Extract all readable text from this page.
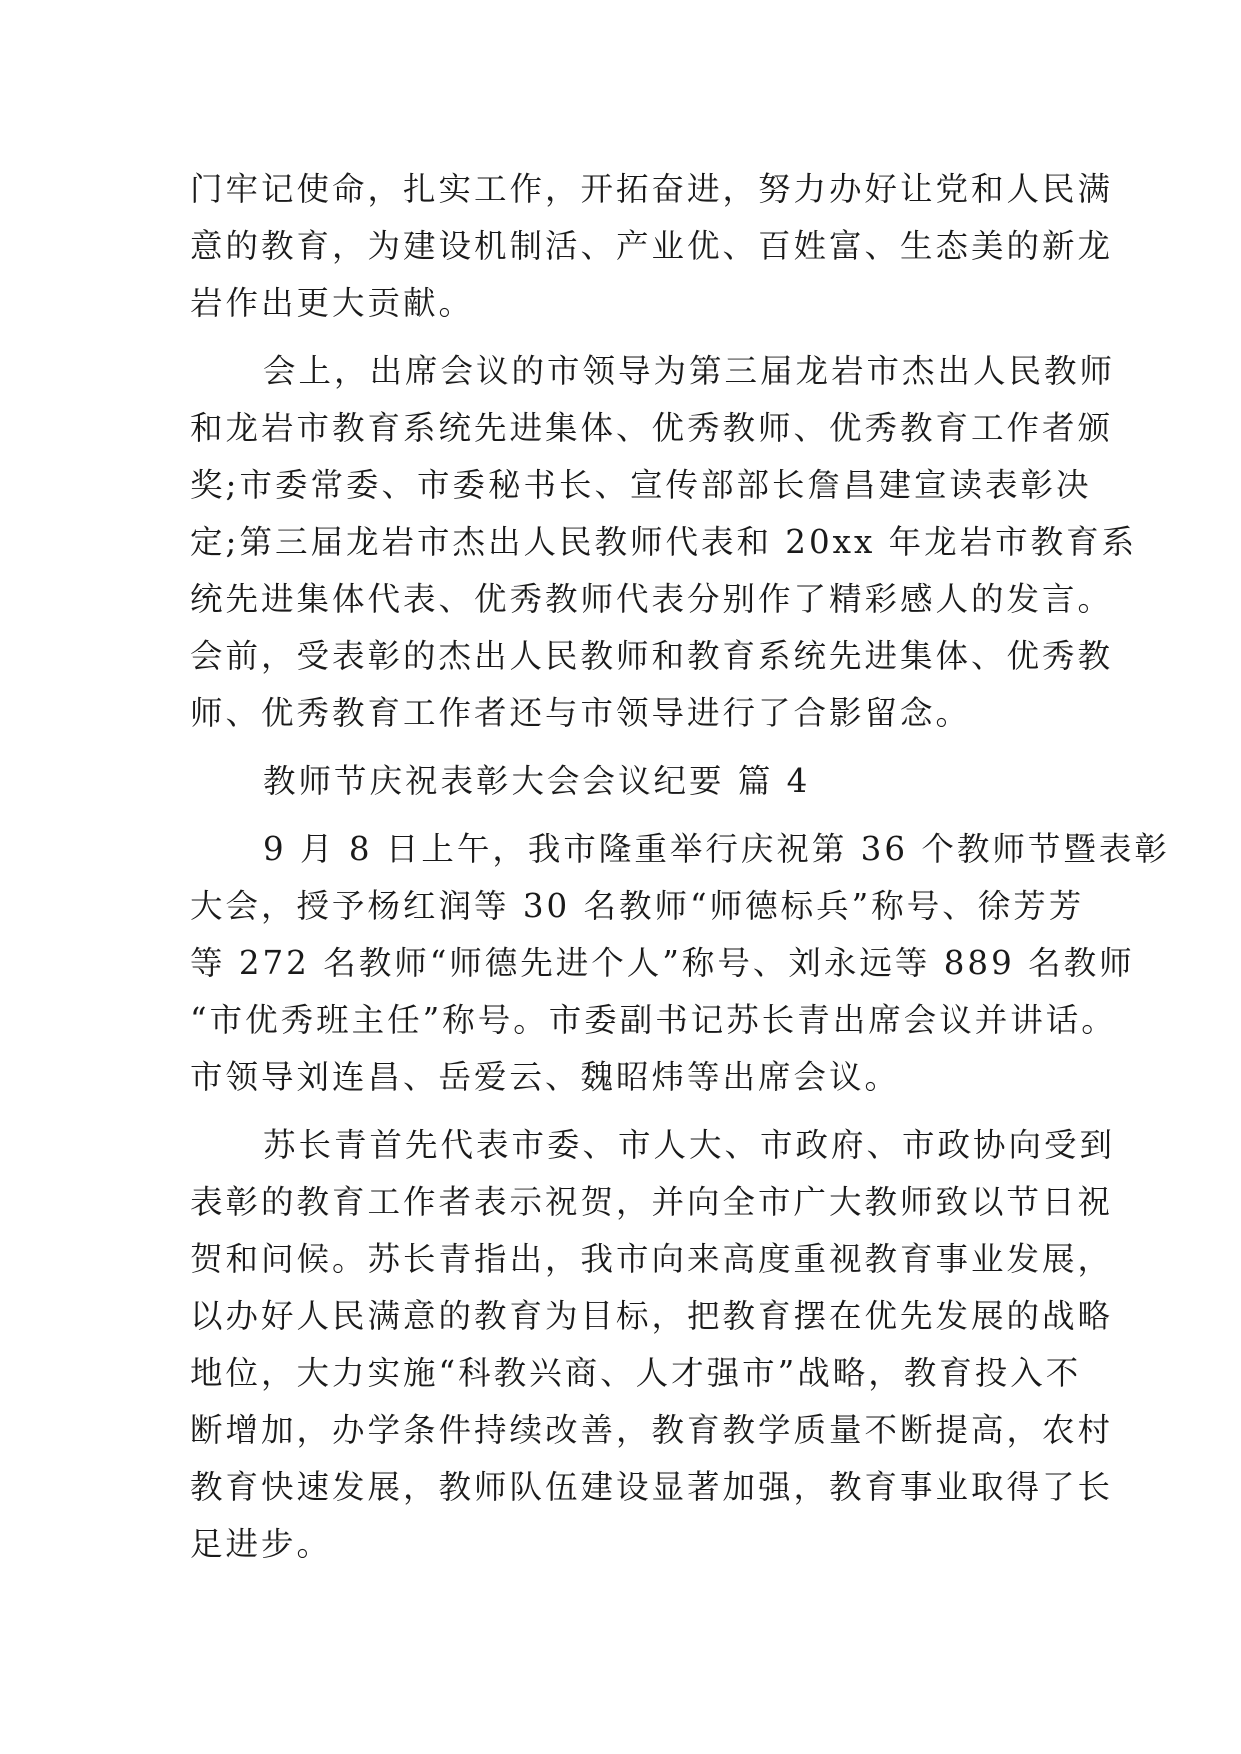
门牢记使命，扎实工作，开拓奋进，努力办好让党和人民满

意的教育，为建设机制活、产业优、百姓富、生态美的新龙

岩作出更大贡献。

会上，出席会议的市领导为第三届龙岩市杰出人民教师

和龙岩市教育系统先进集体、优秀教师、优秀教育工作者颁

奖;市委常委、市委秘书长、宣传部部长詹昌建宣读表彰决

定;第三届龙岩市杰出人民教师代表和 20xx 年龙岩市教育系

统先进集体代表、优秀教师代表分别作了精彩感人的发言。

会前，受表彰的杰出人民教师和教育系统先进集体、优秀教

师、优秀教育工作者还与市领导进行了合影留念。

教师节庆祝表彰大会会议纪要 篇 4

9 月 8 日上午，我市隆重举行庆祝第 36 个教师节暨表彰

大会，授予杨红润等 30 名教师“师德标兵”称号、徐芳芳

等 272 名教师“师德先进个人”称号、刘永远等 889 名教师

“市优秀班主任”称号。市委副书记苏长青出席会议并讲话。

市领导刘连昌、岳爱云、魏昭炜等出席会议。

苏长青首先代表市委、市人大、市政府、市政协向受到

表彰的教育工作者表示祝贺，并向全市广大教师致以节日祝

贺和问候。苏长青指出，我市向来高度重视教育事业发展，

以办好人民满意的教育为目标，把教育摆在优先发展的战略

地位，大力实施“科教兴商、人才强市”战略，教育投入不

断增加，办学条件持续改善，教育教学质量不断提高，农村

教育快速发展，教师队伍建设显著加强，教育事业取得了长

足进步。
